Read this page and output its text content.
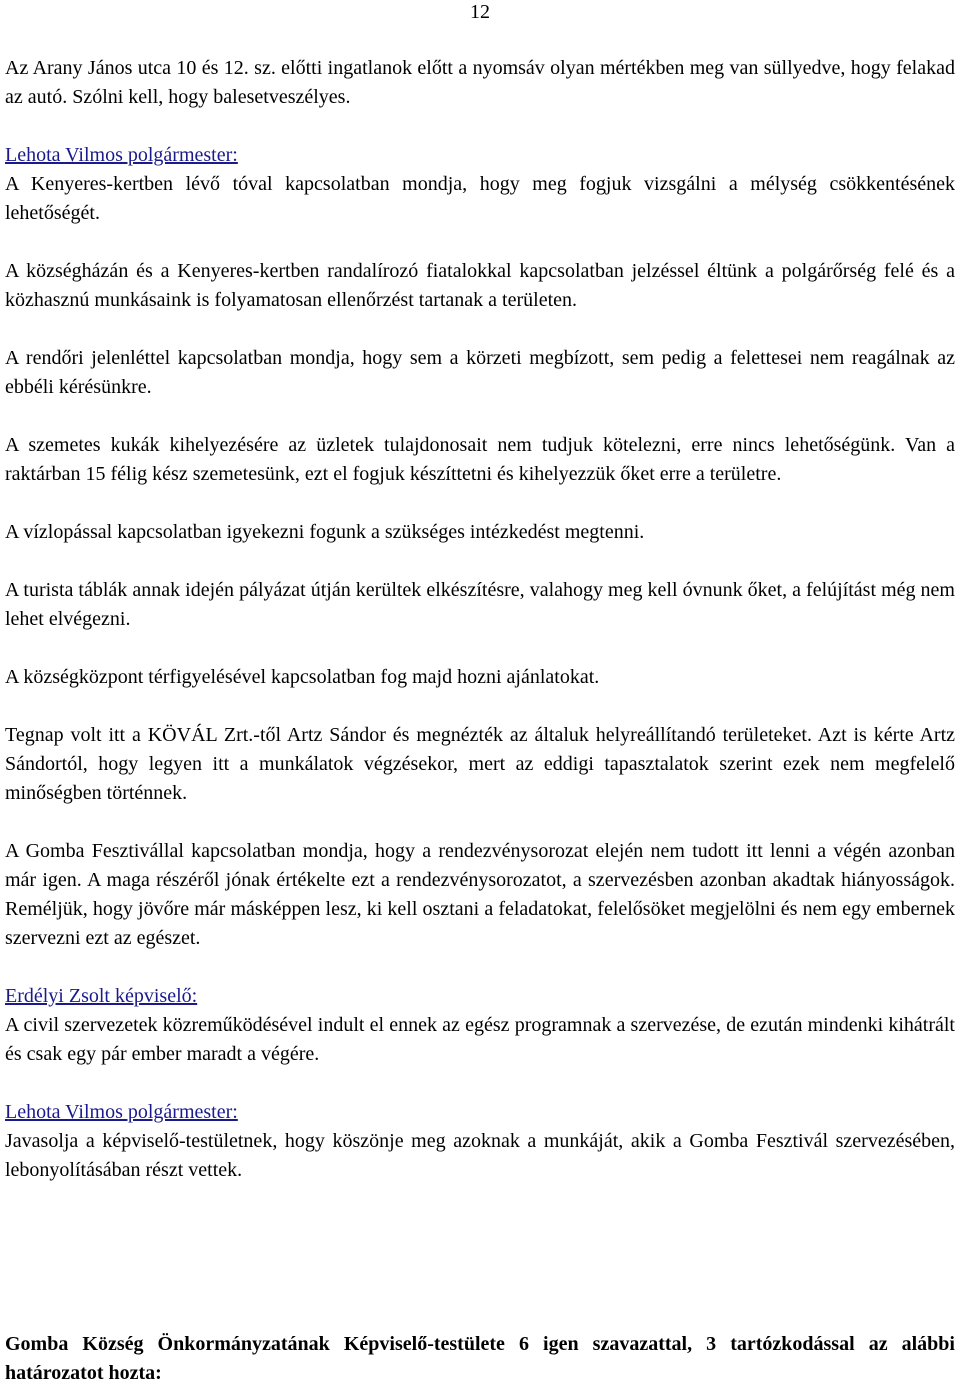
12

Az Arany János utca 10 és 12. sz. előtti ingatlanok előtt a nyomsáv olyan mértékben meg van süllyedve, hogy felakad az autó. Szólni kell, hogy balesetveszélyes.

Lehota Vilmos polgármester:
A Kenyeres-kertben lévő tóval kapcsolatban mondja, hogy meg fogjuk vizsgálni a mélység csökkentésének lehetőségét.

A községházán és a Kenyeres-kertben randalírozó fiatalokkal kapcsolatban jelzéssel éltünk a polgárőrség felé és a közhasznú munkásaink is folyamatosan ellenőrzést tartanak a területen.

A rendőri jelenléttel kapcsolatban mondja, hogy sem a körzeti megbízott, sem pedig a felettesei nem reagálnak az ebbéli kérésünkre.

A szemetes kukák kihelyezésére az üzletek tulajdonosait nem tudjuk kötelezni, erre nincs lehetőségünk. Van a raktárban 15 félig kész szemetesünk, ezt el fogjuk készíttetni és kihelyezzük őket erre a területre.

A vízlopással kapcsolatban igyekezni fogunk a szükséges intézkedést megtenni.

A turista táblák annak idején pályázat útján kerültek elkészítésre, valahogy meg kell óvnunk őket, a felújítást még nem lehet elvégezni.

A községközpont térfigyelésével kapcsolatban fog majd hozni ajánlatokat.

Tegnap volt itt a KÖVÁL Zrt.-től Artz Sándor és megnézték az általuk helyreállítandó területeket. Azt is kérte Artz Sándortól, hogy legyen itt a munkálatok végzésekor, mert az eddigi tapasztalatok szerint ezek nem megfelelő minőségben történnek.

A Gomba Fesztivállal kapcsolatban mondja, hogy a rendezvénysorozat elején nem tudott itt lenni a végén azonban már igen. A maga részéről jónak értékelte ezt a rendezvénysorozatot, a szervezésben azonban akadtak hiányosságok. Reméljük, hogy jövőre már másképpen lesz, ki kell osztani a feladatokat, felelősöket megjelölni és nem egy embernek szervezni ezt az egészet.

Erdélyi Zsolt képviselő:
A civil szervezetek közreműködésével indult el ennek az egész programnak a szervezése, de ezután mindenki kihátrált és csak egy pár ember maradt a végére.

Lehota Vilmos polgármester:
Javasolja a képviselő-testületnek, hogy köszönje meg azoknak a munkáját, akik a Gomba Fesztivál szervezésében, lebonyolításában részt vettek.

Gomba Község Önkormányzatának Képviselő-testülete 6 igen szavazattal, 3 tartózkodással az alábbi határozatot hozta:
